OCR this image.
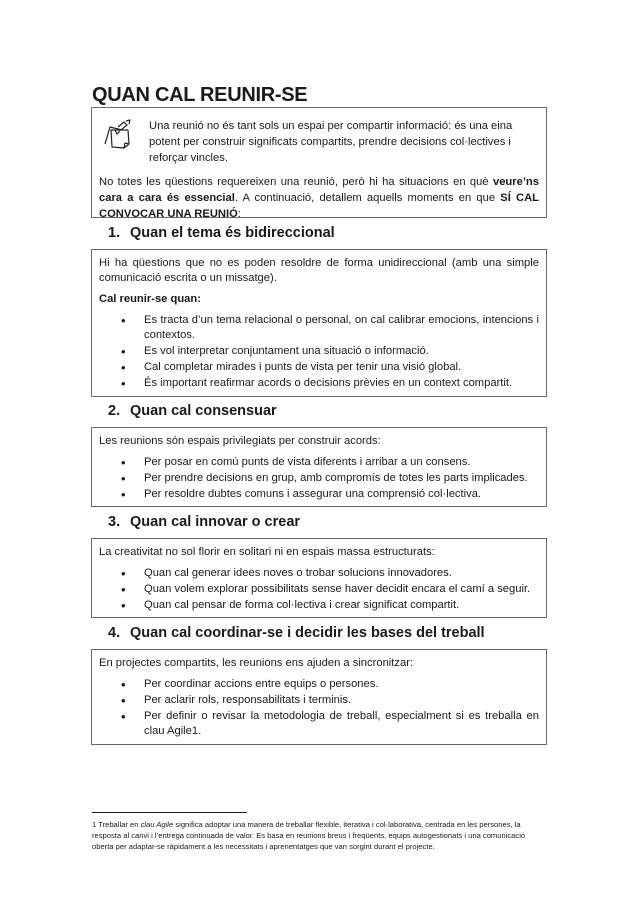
QUAN CAL REUNIR-SE
Una reunió no és tant sols un espai per compartir informació: és una eina potent per construir significats compartits, prendre decisions col·lectives i reforçar vincles.

No totes les qüestions requereixen una reunió, però hi ha situacions en què veure’ns cara a cara és essencial. A continuació, detallem aquells moments en que SÍ CAL CONVOCAR UNA REUNIÓ:

1. Quan el tema és bidireccional

Hi ha qüestions que no es poden resoldre de forma unidireccional (amb una simple comunicació escrita o un missatge).

Cal reunir-se quan:

• Es tracta d’un tema relacional o personal, on cal calibrar emocions, intencions i contextos.
• Es vol interpretar conjuntament una situació o informació.
• Cal completar mirades i punts de vista per tenir una visió global.
• És important reafirmar acords o decisions prèvies en un context compartit.
2. Quan cal consensuar

Les reunions són espais privilegiats per construir acords:

• Per posar en comú punts de vista diferents i arribar a un consens.
• Per prendre decisions en grup, amb compromís de totes les parts implicades.
• Per resoldre dubtes comuns i assegurar una comprensió col·lectiva.
3. Quan cal innovar o crear

La creativitat no sol florir en solitari ni en espais massa estructurats:

• Quan cal generar idees noves o trobar solucions innovadores.
• Quan volem explorar possibilitats sense haver decidit encara el camí a seguir.
• Quan cal pensar de forma col·lectiva i crear significat compartit.
4. Quan cal coordinar-se i decidir les bases del treball

En projectes compartits, les reunions ens ajuden a sincronitzar:

• Per coordinar accions entre equips o persones.
• Per aclarir rols, responsabilitats i terminis.
• Per definir o revisar la metodologia de treball, especialment si es treballa en clau Agile1.
1 Treballar en clau Agile significa adoptar una manera de treballar flexible, iterativa i col·laborativa, centrada en les persones, la resposta al canvi i l’entrega continuada de valor. Es basa en reunions breus i freqüents, equips autogestionats i una comunicació oberta per adaptar-se ràpidament a les necessitats i aprenentatges que van sorgint durant el projecte.
